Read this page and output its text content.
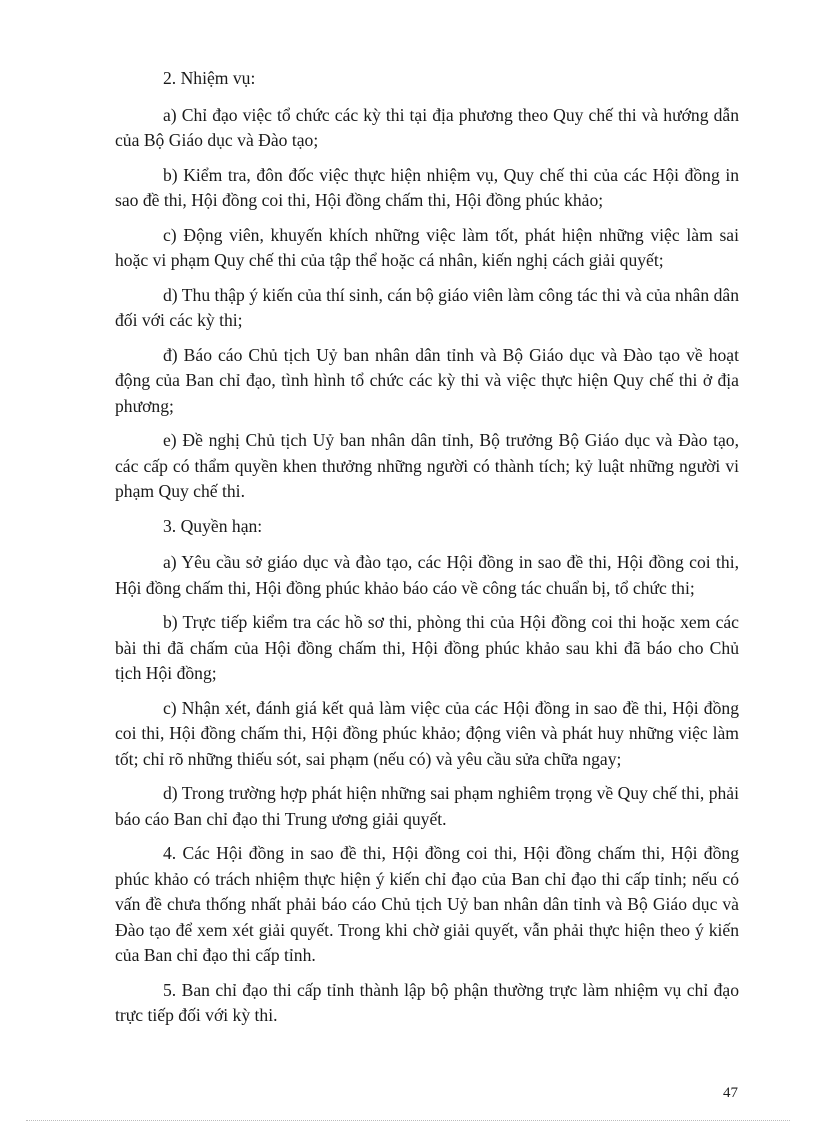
2. Nhiệm vụ:

a) Chỉ đạo việc tổ chức các kỳ thi tại địa phương theo Quy chế thi và hướng dẫn của Bộ Giáo dục và Đào tạo;

b) Kiểm tra, đôn đốc việc thực hiện nhiệm vụ, Quy chế thi của các Hội đồng in sao đề thi, Hội đồng coi thi, Hội đồng chấm thi, Hội đồng phúc khảo;

c) Động viên, khuyến khích những việc làm tốt, phát hiện những việc làm sai hoặc vi phạm Quy chế thi của tập thể hoặc cá nhân, kiến nghị cách giải quyết;

d) Thu thập ý kiến của thí sinh, cán bộ giáo viên làm công tác thi và của nhân dân đối với các kỳ thi;

đ) Báo cáo Chủ tịch Uỷ ban nhân dân tỉnh và Bộ Giáo dục và Đào tạo về hoạt động của Ban chỉ đạo, tình hình tổ chức các kỳ thi và việc thực hiện Quy chế thi ở địa phương;

e) Đề nghị Chủ tịch Uỷ ban nhân dân tỉnh, Bộ trưởng Bộ Giáo dục và Đào tạo, các cấp có thẩm quyền khen thưởng những người có thành tích; kỷ luật những người vi phạm Quy chế thi.

3. Quyền hạn:

a) Yêu cầu sở giáo dục và đào tạo, các Hội đồng in sao đề thi, Hội đồng coi thi, Hội đồng chấm thi, Hội đồng phúc khảo báo cáo về công tác chuẩn bị, tổ chức thi;

b) Trực tiếp kiểm tra các hồ sơ thi, phòng thi của Hội đồng coi thi hoặc xem các bài thi đã chấm của Hội đồng chấm thi, Hội đồng phúc khảo sau khi đã báo cho Chủ tịch Hội đồng;

c) Nhận xét, đánh giá kết quả làm việc của các Hội đồng in sao đề thi, Hội đồng coi thi, Hội đồng chấm thi, Hội đồng phúc khảo; động viên và phát huy những việc làm tốt; chỉ rõ những thiếu sót, sai phạm (nếu có) và yêu cầu sửa chữa ngay;

d) Trong trường hợp phát hiện những sai phạm nghiêm trọng về Quy chế thi, phải báo cáo Ban chỉ đạo thi Trung ương giải quyết.

4. Các Hội đồng in sao đề thi, Hội đồng coi thi, Hội đồng chấm thi, Hội đồng phúc khảo có trách nhiệm thực hiện ý kiến chỉ đạo của Ban chỉ đạo thi cấp tỉnh; nếu có vấn đề chưa thống nhất phải báo cáo Chủ tịch Uỷ ban nhân dân tỉnh và Bộ Giáo dục và Đào tạo để xem xét giải quyết. Trong khi chờ giải quyết, vẫn phải thực hiện theo ý kiến của Ban chỉ đạo thi cấp tỉnh.

5. Ban chỉ đạo thi cấp tỉnh thành lập bộ phận thường trực làm nhiệm vụ chỉ đạo trực tiếp đối với kỳ thi.

47
